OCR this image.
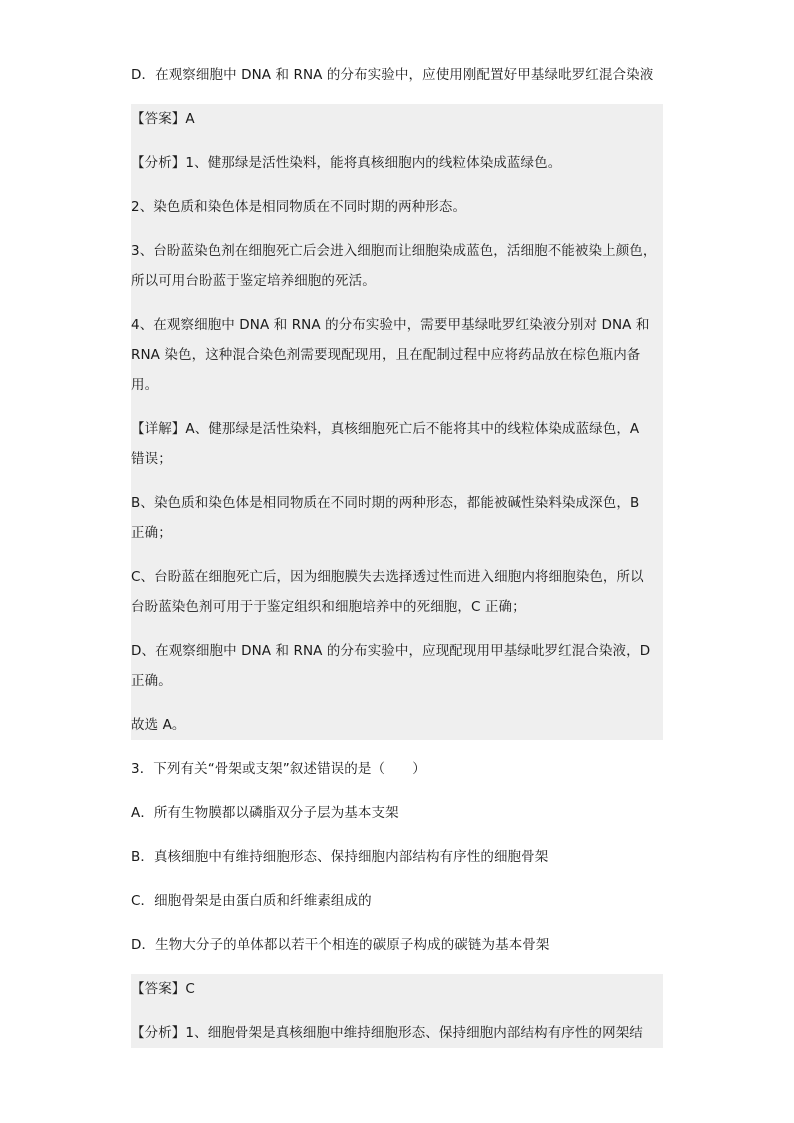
D．在观察细胞中 DNA 和 RNA 的分布实验中，应使用刚配置好甲基绿吡罗红混合染液
【答案】A
【分析】1、健那绿是活性染料，能将真核细胞内的线粒体染成蓝绿色。
2、染色质和染色体是相同物质在不同时期的两种形态。
3、台盼蓝染色剂在细胞死亡后会进入细胞而让细胞染成蓝色，活细胞不能被染上颜色，
所以可用台盼蓝于鉴定培养细胞的死活。
4、在观察细胞中 DNA 和 RNA 的分布实验中，需要甲基绿吡罗红染液分别对 DNA 和
RNA 染色，这种混合染色剂需要现配现用，且在配制过程中应将药品放在棕色瓶内备
用。
【详解】A、健那绿是活性染料，真核细胞死亡后不能将其中的线粒体染成蓝绿色，A
错误；
B、染色质和染色体是相同物质在不同时期的两种形态，都能被碱性染料染成深色，B
正确；
C、台盼蓝在细胞死亡后，因为细胞膜失去选择透过性而进入细胞内将细胞染色，所以
台盼蓝染色剂可用于于鉴定组织和细胞培养中的死细胞，C 正确；
D、在观察细胞中 DNA 和 RNA 的分布实验中，应现配现用甲基绿吡罗红混合染液，D
正确。
故选 A。
3．下列有关“骨架或支架”叙述错误的是（　　）
A．所有生物膜都以磷脂双分子层为基本支架
B．真核细胞中有维持细胞形态、保持细胞内部结构有序性的细胞骨架
C．细胞骨架是由蛋白质和纤维素组成的
D．生物大分子的单体都以若干个相连的碳原子构成的碳链为基本骨架
【答案】C
【分析】1、细胞骨架是真核细胞中维持细胞形态、保持细胞内部结构有序性的网架结
